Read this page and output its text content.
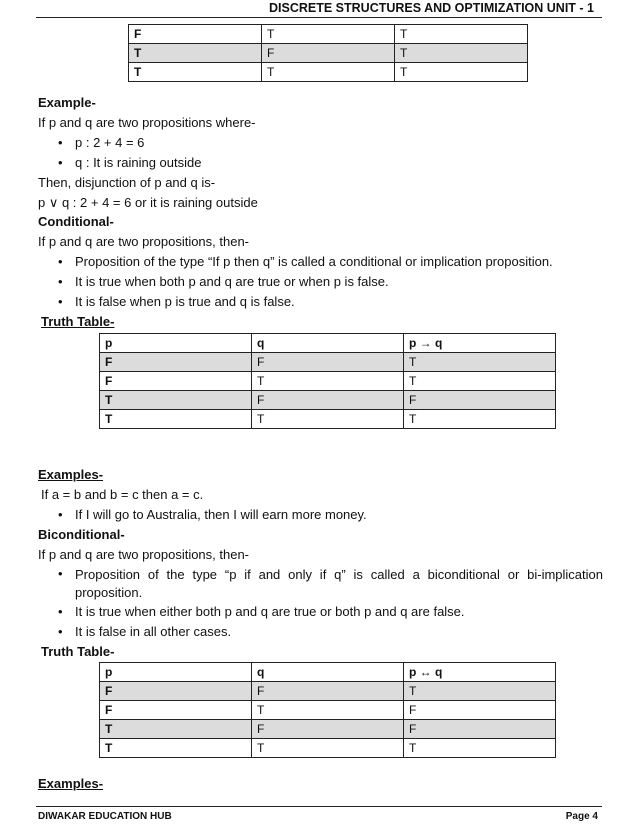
DISCRETE STRUCTURES AND OPTIMIZATION UNIT - 1
F	T	T
T	F	T
T	T	T
Example-
If p and q are two propositions where-
• p : 2 + 4 = 6
• q : It is raining outside
Then, disjunction of p and q is-
p ∨ q : 2 + 4 = 6 or it is raining outside
Conditional-
If p and q are two propositions, then-
• Proposition of the type “If p then q” is called a conditional or implication proposition.
• It is true when both p and q are true or when p is false.
• It is false when p is true and q is false.
Truth Table-
p	q	p → q
F	F	T
F	T	T
T	F	F
T	T	T
Examples-
If a = b and b = c then a = c.
• If I will go to Australia, then I will earn more money.
Biconditional-
If p and q are two propositions, then-
• Proposition of the type “p if and only if q” is called a biconditional or bi-implication proposition.
• It is true when either both p and q are true or both p and q are false.
• It is false in all other cases.
Truth Table-
p	q	p ↔ q
F	F	T
F	T	F
T	F	F
T	T	T
Examples-
DIWAKAR EDUCATION HUB	Page 4
